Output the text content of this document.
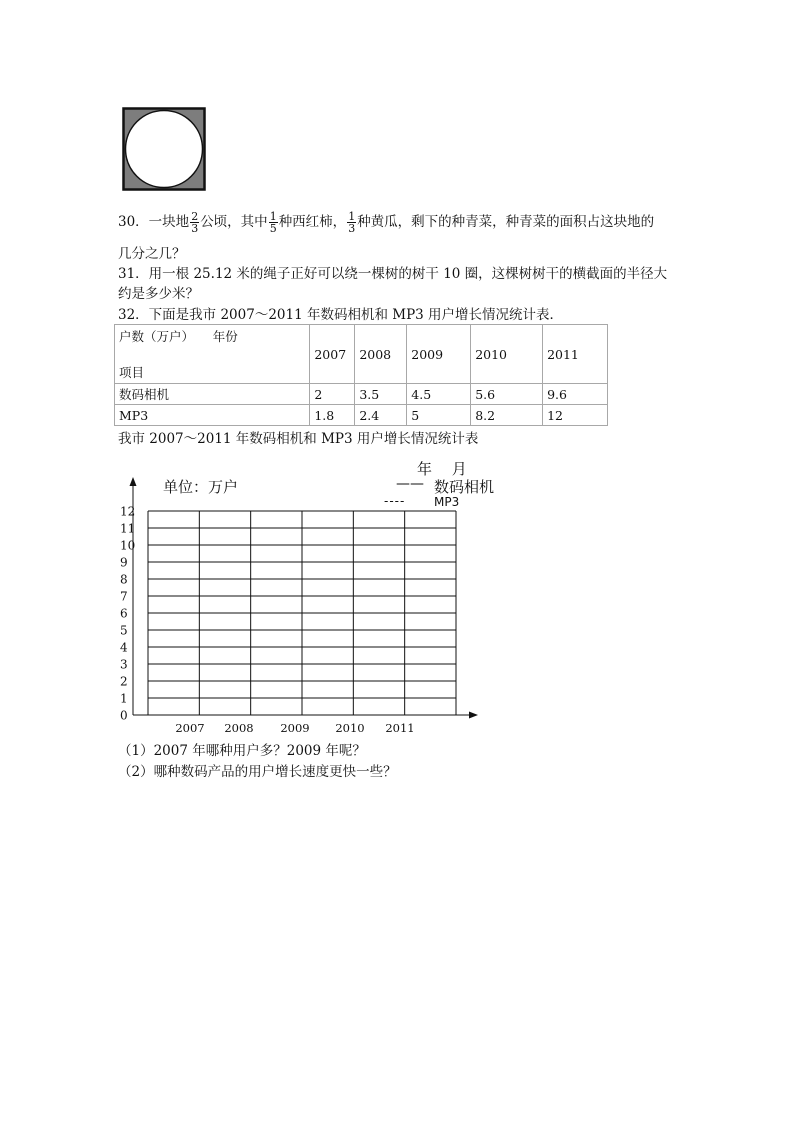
30．一块地 $\frac{2}{3}$ 公顷，其中 $\frac{1}{5}$ 种西红柿， $\frac{1}{3}$ 种黄瓜，剩下的种青菜，种青菜的面积占这块地的
几分之几？
31．用一根 25.12 米的绳子正好可以绕一棵树的树干 10 圈，这棵树树干的横截面的半径大
约是多少米？
32．下面是我市 2007～2011 年数码相机和 MP3 用户增长情况统计表．
户数（万户）　　年份
项目	2007	2008	2009	2010	2011
数码相机	2	3.5	4.5	5.6	9.6
MP3	1.8	2.4	5	8.2	12
我市 2007～2011 年数码相机和 MP3 用户增长情况统计表
12
11
10
9
8
7
6
5
4
3
2
1
0
2007 2008 2009 2010 2011
单位：万户
年　 月
—— 数码相机
---- MP3
（1）2007 年哪种用户多？2009 年呢？
（2）哪种数码产品的用户增长速度更快一些？
